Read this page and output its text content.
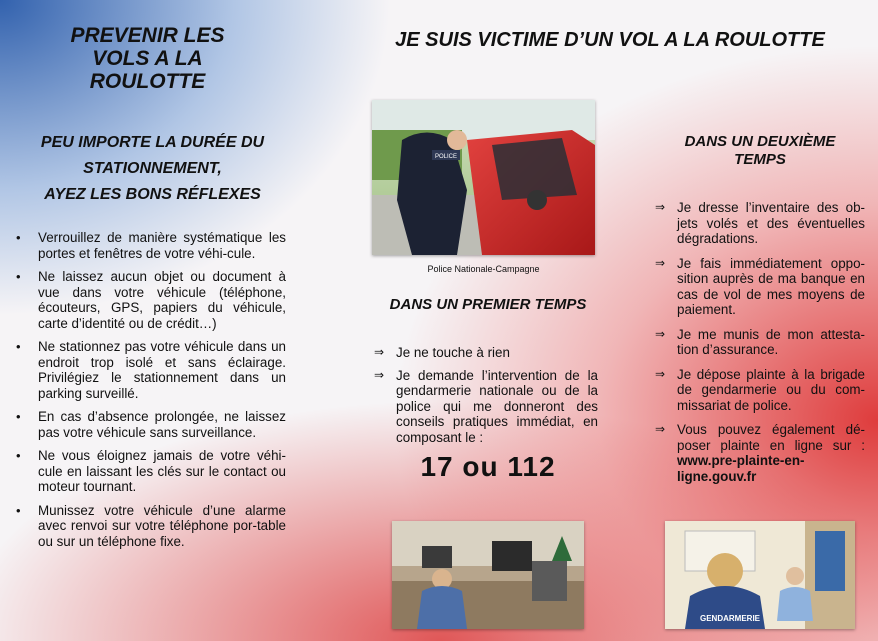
PREVENIR LES
VOLS A LA
ROULOTTE
PEU IMPORTE LA DURÉE DU
STATIONNEMENT,
AYEZ LES BONS RÉFLEXES
• Verrouillez de manière systématique les portes et fenêtres de votre véhi-cule.
• Ne laissez aucun objet ou document à vue dans votre véhicule (téléphone, écouteurs, GPS, papiers du véhicule, carte d’identité ou de crédit…)
• Ne stationnez pas votre véhicule dans un endroit trop isolé et sans éclairage. Privilégiez le stationnement dans un parking surveillé.
• En cas d’absence prolongée, ne laissez pas votre véhicule sans surveillance.
• Ne vous éloignez jamais de votre véhi-cule en laissant les clés sur le contact ou moteur tournant.
• Munissez votre véhicule d’une alarme avec renvoi sur votre téléphone por-table ou sur un téléphone fixe.
JE SUIS VICTIME D’UN VOL A LA ROULOTTE
POLICE
Police Nationale-Campagne
DANS UN PREMIER TEMPS
⇒ Je ne touche à rien
⇒ Je demande l’intervention de la gendarmerie nationale ou de la police qui me donneront des conseils pratiques immédiat, en composant le :
17 ou 112
DANS UN DEUXIÈME
TEMPS
⇒ Je dresse l’inventaire des ob-jets volés et des éventuelles dégradations.
⇒ Je fais immédiatement oppo-sition auprès de ma banque en cas de vol de mes moyens de paiement.
⇒ Je me munis de mon attesta-tion d’assurance.
⇒ Je dépose plainte à la brigade de gendarmerie ou du com-missariat de police.
⇒ Vous pouvez également dé-poser plainte en ligne sur : www.pre-plainte-en-ligne.gouv.fr
GENDARMERIE
